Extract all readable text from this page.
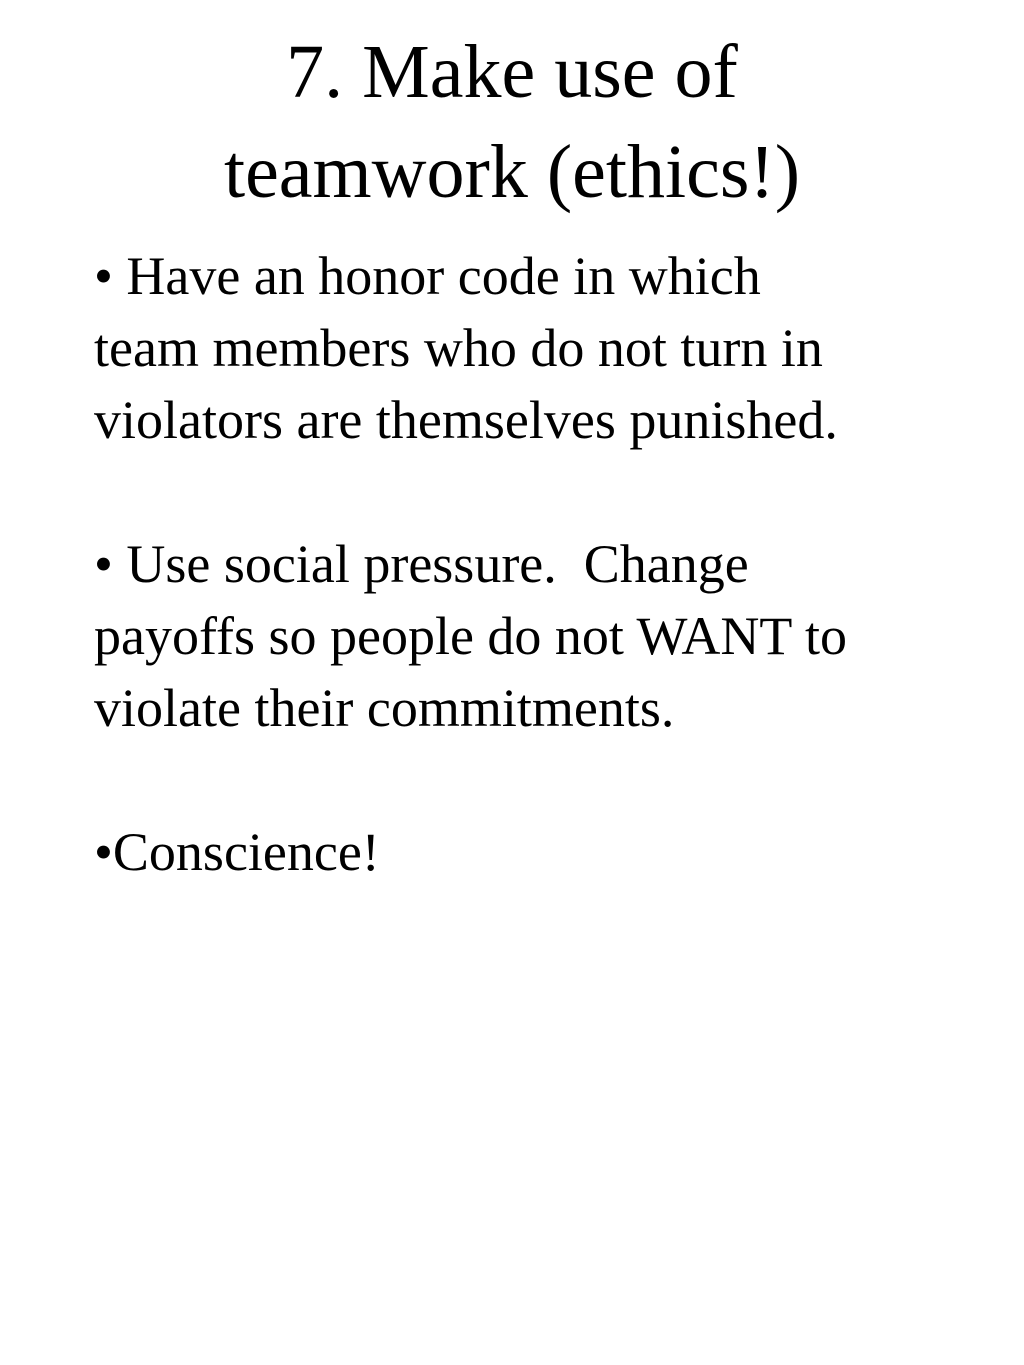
7. Make use of
teamwork (ethics!)

• Have an honor code in which
team members who do not turn in
violators are themselves punished.

• Use social pressure.  Change
payoffs so people do not WANT to
violate their commitments.

•Conscience!
